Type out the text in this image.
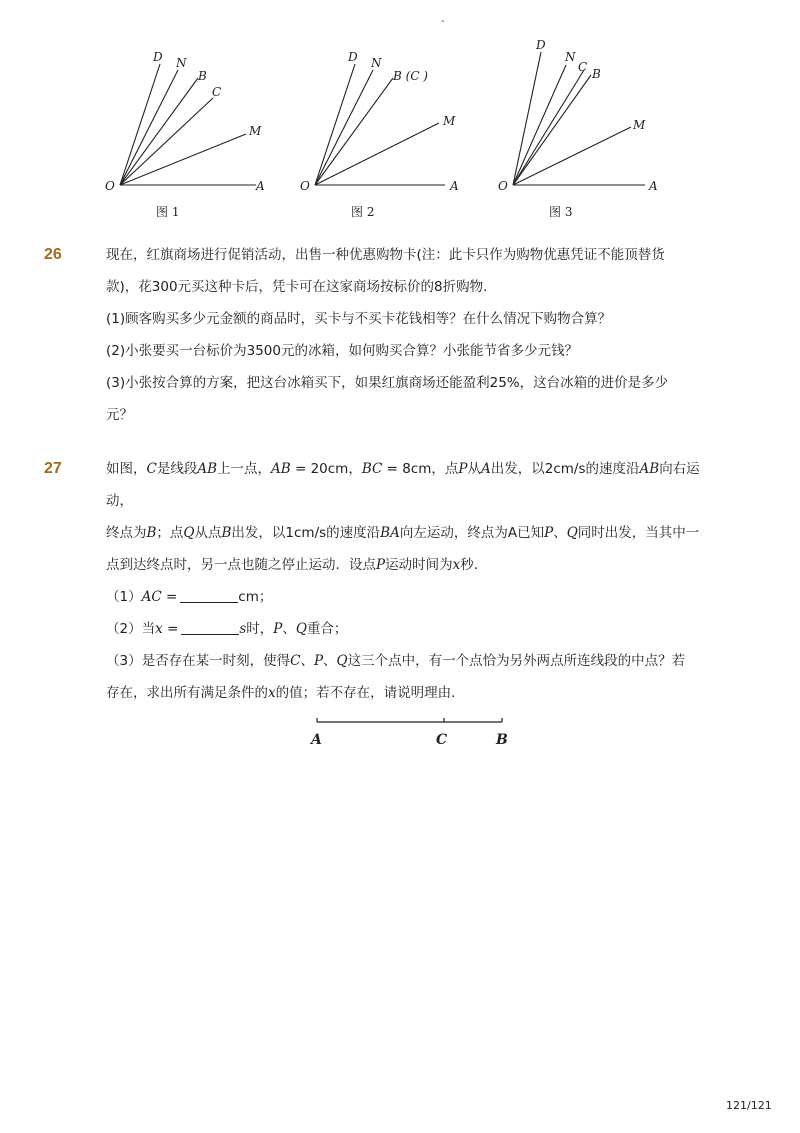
-
D N
B
C
M
O	A
图 1
D N
B (C )
M
O	A
图 2
D
N
C B
M
O	A
图 3
26	现在，红旗商场进行促销活动，出售一种优惠购物卡(注：此卡只作为购物优惠凭证不能顶替货

款)，花300元买这种卡后，凭卡可在这家商场按标价的8折购物．

(1)顾客购买多少元金额的商品时，买卡与不买卡花钱相等？在什么情况下购物合算？

(2)小张要买一台标价为3500元的冰箱，如何购买合算？小张能节省多少元钱？

(3)小张按合算的方案，把这台冰箱买下，如果红旗商场还能盈利25%，这台冰箱的进价是多少

元？

27	如图，C是线段AB上一点，AB = 20cm，BC = 8cm，点P从A出发，以2cm/s的速度沿AB向右运动，

终点为B；点Q从点B出发，以1cm/s的速度沿BA向左运动，终点为A已知P、Q同时出发，当其中一

点到达终点时，另一点也随之停止运动．设点P运动时间为x秒．

（1）AC =	cm；

（2）当x =	s时，P、Q重合；

（3）是否存在某一时刻，使得C、P、Q这三个点中，有一个点恰为另外两点所连线段的中点？若

存在，求出所有满足条件的x的值；若不存在，请说明理由．

A	C	B
121/121
